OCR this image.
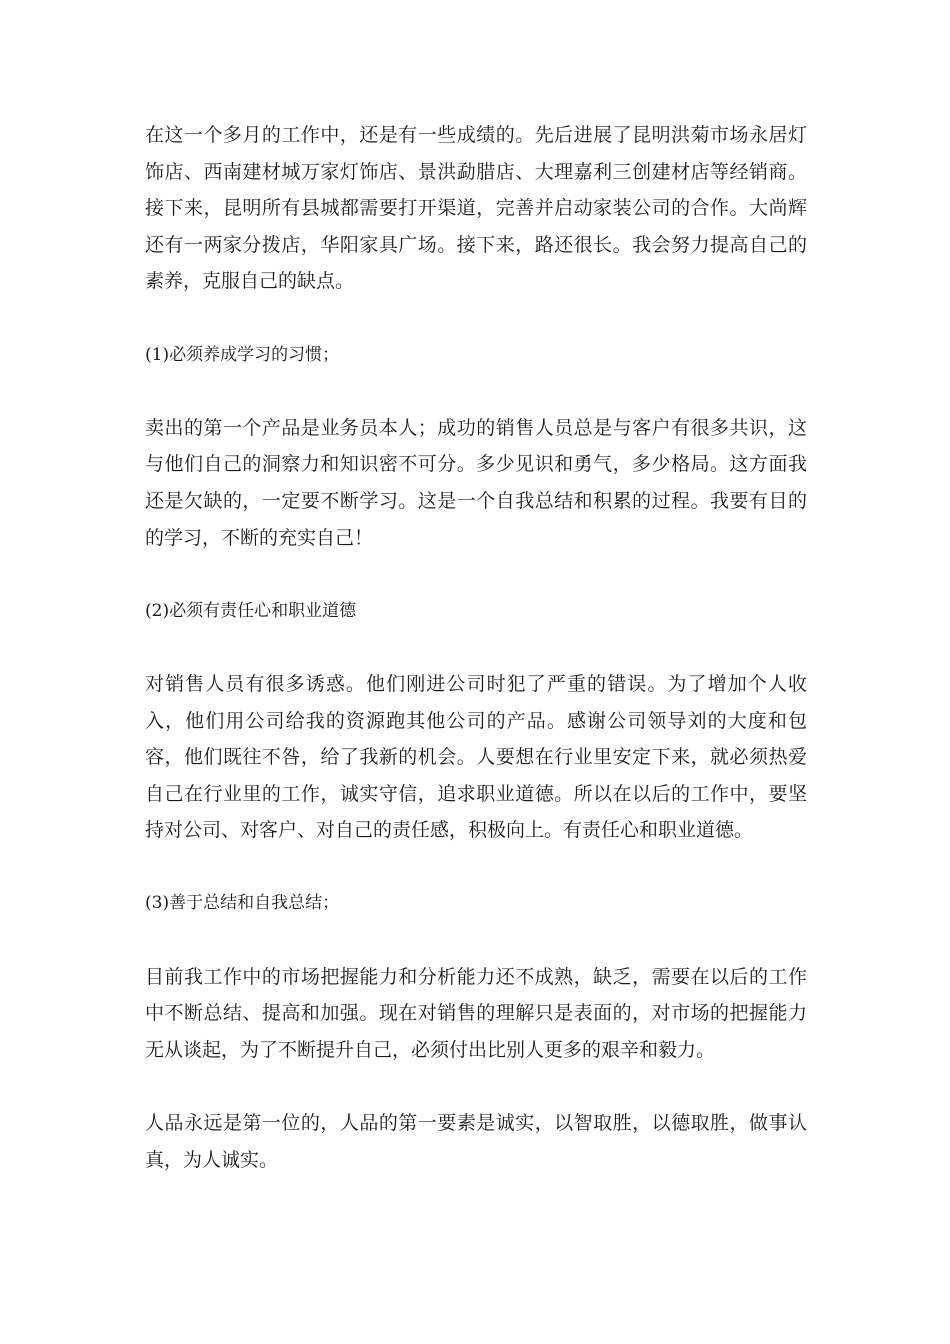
在这一个多月的工作中，还是有一些成绩的。先后进展了昆明洪菊市场永居灯饰店、西南建材城万家灯饰店、景洪勐腊店、大理嘉利三创建材店等经销商。接下来，昆明所有县城都需要打开渠道，完善并启动家装公司的合作。大尚辉还有一两家分拨店，华阳家具广场。接下来，路还很长。我会努力提高自己的素养，克服自己的缺点。

(1)必须养成学习的习惯；

卖出的第一个产品是业务员本人；成功的销售人员总是与客户有很多共识，这与他们自己的洞察力和知识密不可分。多少见识和勇气，多少格局。这方面我还是欠缺的，一定要不断学习。这是一个自我总结和积累的过程。我要有目的的学习，不断的充实自己！

(2)必须有责任心和职业道德

对销售人员有很多诱惑。他们刚进公司时犯了严重的错误。为了增加个人收入，他们用公司给我的资源跑其他公司的产品。感谢公司领导刘的大度和包容，他们既往不咎，给了我新的机会。人要想在行业里安定下来，就必须热爱自己在行业里的工作，诚实守信，追求职业道德。所以在以后的工作中，要坚持对公司、对客户、对自己的责任感，积极向上。有责任心和职业道德。

(3)善于总结和自我总结；

目前我工作中的市场把握能力和分析能力还不成熟，缺乏，需要在以后的工作中不断总结、提高和加强。现在对销售的理解只是表面的，对市场的把握能力无从谈起，为了不断提升自己，必须付出比别人更多的艰辛和毅力。

人品永远是第一位的，人品的第一要素是诚实，以智取胜，以德取胜，做事认真，为人诚实。
